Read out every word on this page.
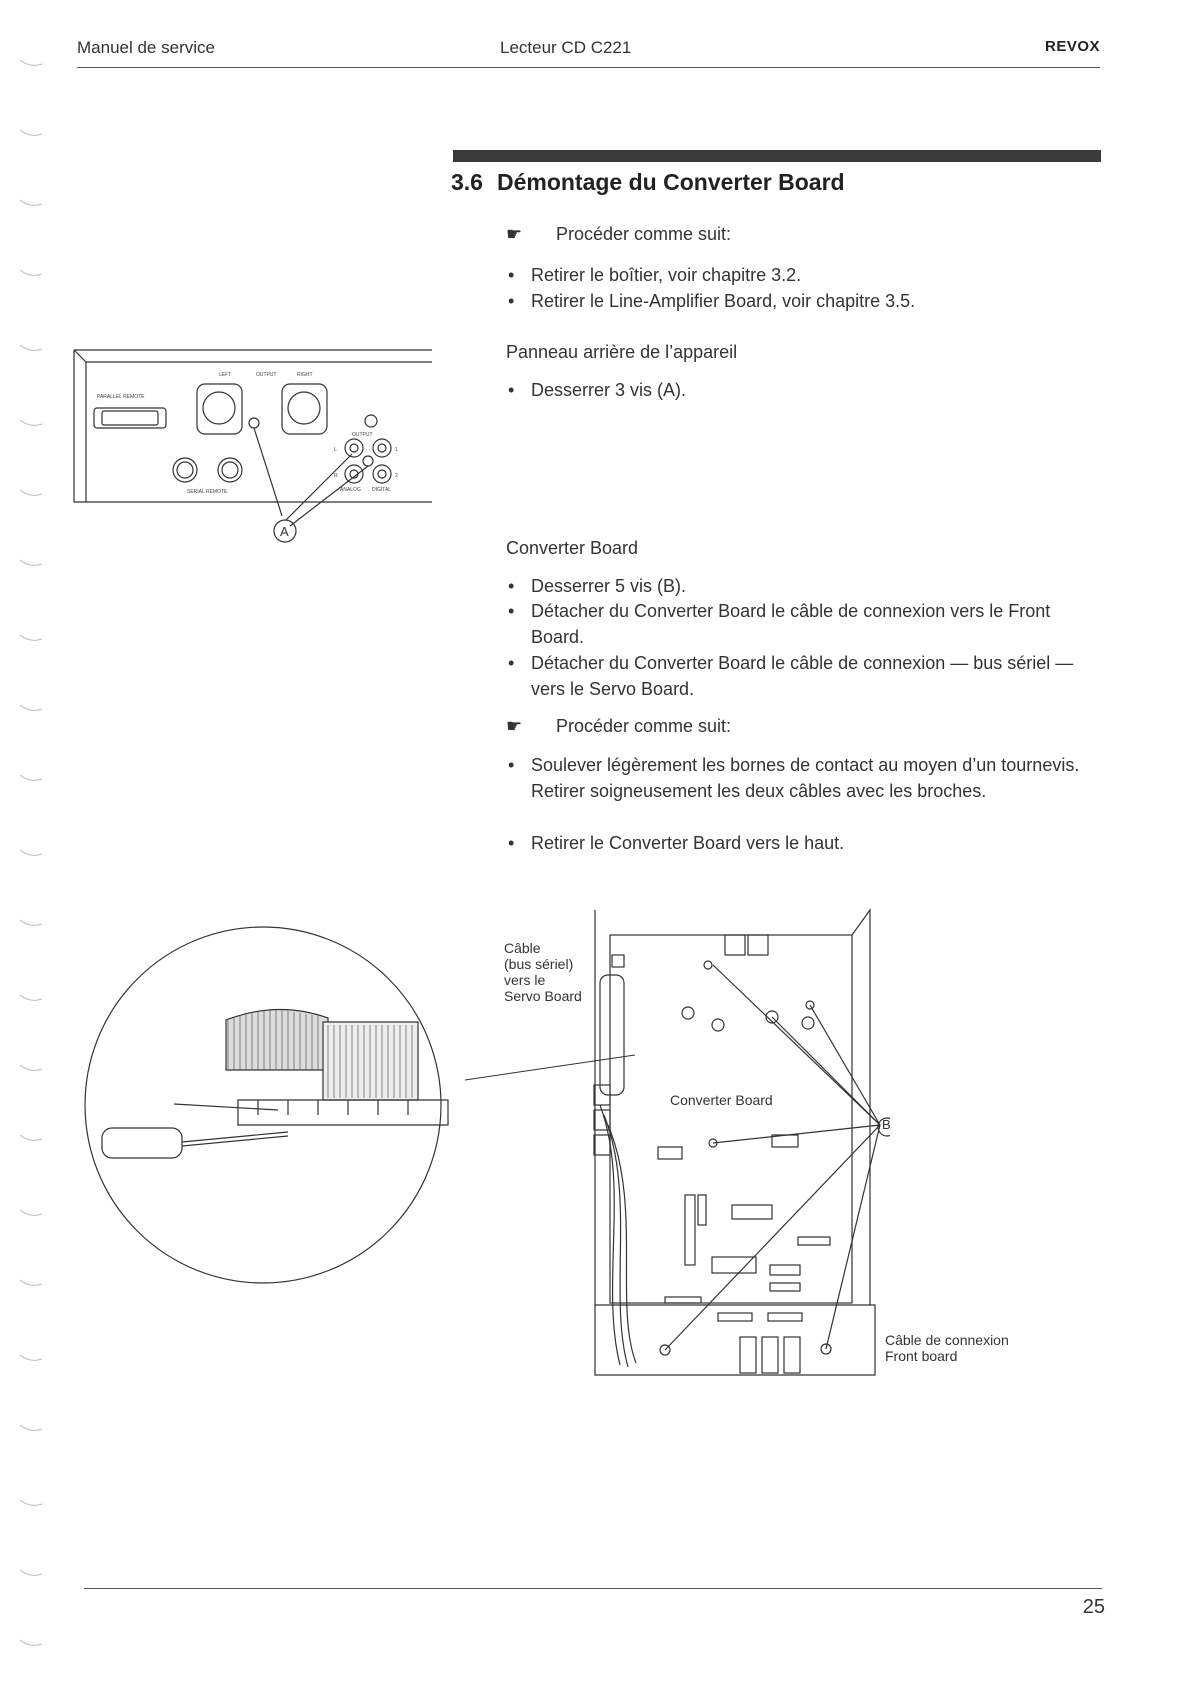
Manuel de service	Lecteur CD C221	REVOX
3.6 Démontage du Converter Board
☛ Procéder comme suit:
• Retirer le boîtier, voir chapitre 3.2.
• Retirer le Line-Amplifier Board, voir chapitre 3.5.
Panneau arrière de l’appareil
• Desserrer 3 vis (A).
Converter Board
• Desserrer 5 vis (B).
• Détacher du Converter Board le câble de connexion vers le Front Board.
• Détacher du Converter Board le câble de connexion — bus sériel — vers le Servo Board.
☛ Procéder comme suit:
• Soulever légèrement les bornes de contact au moyen d’un tournevis. Retirer soigneusement les deux câbles avec les broches.
• Retirer le Converter Board vers le haut.
PARALLEL REMOTE
LEFT	OUTPUT	RIGHT
SERIAL REMOTE
OUTPUT
L
R
1
2
ANALOG DIGITAL
A
Converter Board
B
Câble
(bus sériel)
vers le
Servo Board
Câble de connexion
Front board
25
